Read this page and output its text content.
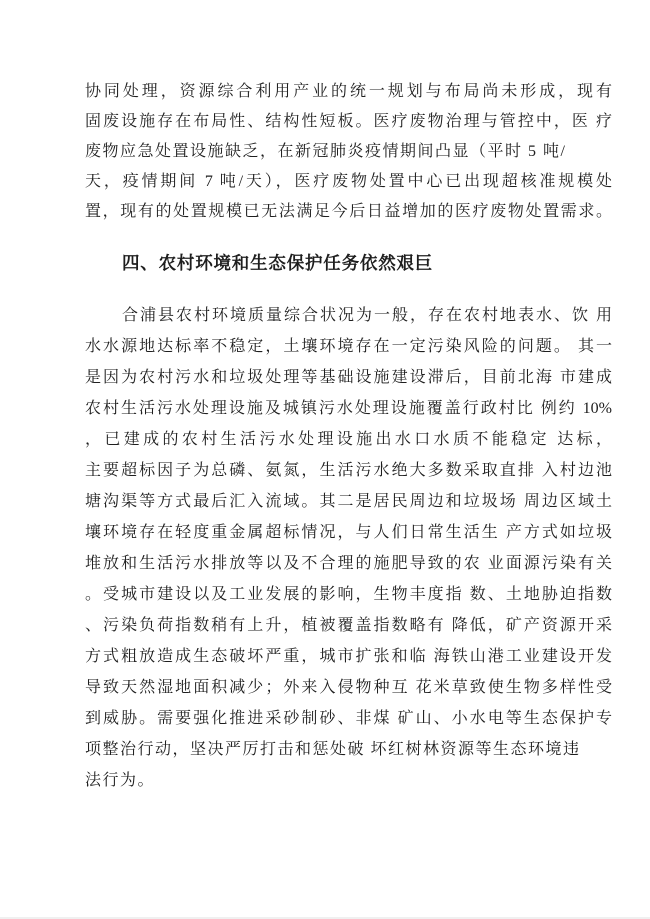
协同处理，资源综合利用产业的统一规划与布局尚未形成，现有
固废设施存在布局性、结构性短板。医疗废物治理与管控中，医 疗
废物应急处置设施缺乏，在新冠肺炎疫情期间凸显（平时 5 吨/
天，疫情期间 7 吨/天），医疗废物处置中心已出现超核准规模处
置，现有的处置规模已无法满足今后日益增加的医疗废物处置需求。
四、农村环境和生态保护任务依然艰巨
合浦县农村环境质量综合状况为一般，存在农村地表水、饮 用
水水源地达标率不稳定，土壤环境存在一定污染风险的问题。 其一
是因为农村污水和垃圾处理等基础设施建设滞后，目前北海 市建成
农村生活污水处理设施及城镇污水处理设施覆盖行政村比 例约 10%
，已建成的农村生活污水处理设施出水口水质不能稳定 达标，
主要超标因子为总磷、氨氮，生活污水绝大多数采取直排 入村边池
塘沟渠等方式最后汇入流域。其二是居民周边和垃圾场 周边区域土
壤环境存在轻度重金属超标情况，与人们日常生活生 产方式如垃圾
堆放和生活污水排放等以及不合理的施肥导致的农 业面源污染有关
。受城市建设以及工业发展的影响，生物丰度指 数、土地胁迫指数
、污染负荷指数稍有上升，植被覆盖指数略有 降低，矿产资源开采
方式粗放造成生态破坏严重，城市扩张和临 海铁山港工业建设开发
导致天然湿地面积减少；外来入侵物种互 花米草致使生物多样性受
到威胁。需要强化推进采砂制砂、非煤 矿山、小水电等生态保护专
项整治行动，坚决严厉打击和惩处破 坏红树林资源等生态环境违
法行为。
